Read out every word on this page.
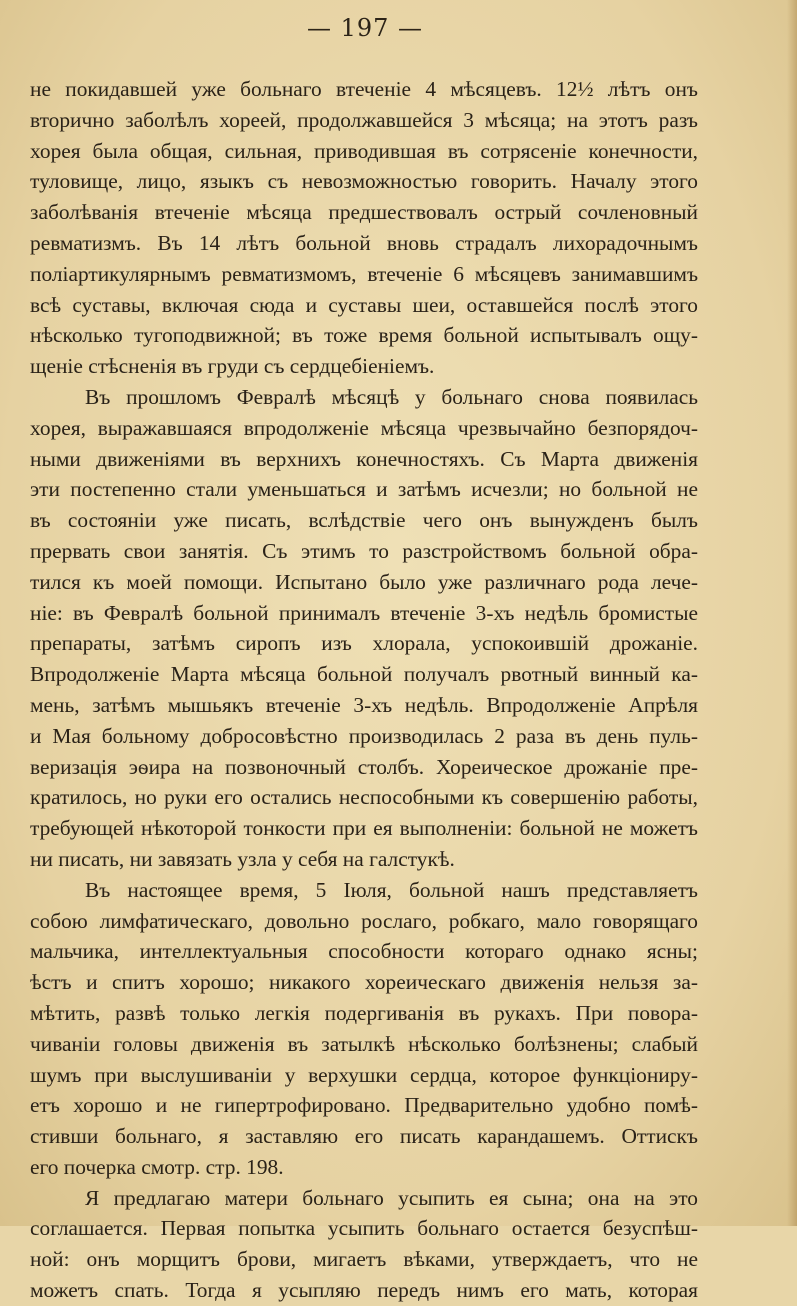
— 197 —
не покидавшей уже больнаго втеченіе 4 мѣсяцевъ. 12½ лѣтъ онъ
вторично заболѣлъ хореей, продолжавшейся 3 мѣсяца; на этотъ разъ
хорея была общая, сильная, приводившая въ сотрясеніе конечности,
туловище, лицо, языкъ съ невозможностью говорить. Началу этого
заболѣванія втеченіе мѣсяца предшествовалъ острый сочленовный
ревматизмъ. Въ 14 лѣтъ больной вновь страдалъ лихорадочнымъ
поліартикулярнымъ ревматизмомъ, втеченіе 6 мѣсяцевъ занимавшимъ
всѣ суставы, включая сюда и суставы шеи, оставшейся послѣ этого
нѣсколько тугоподвижной; въ тоже время больной испытывалъ ощу-
щеніе стѣсненія въ груди съ сердцебіеніемъ.
Въ прошломъ Февралѣ мѣсяцѣ у больнаго снова появилась
хорея, выражавшаяся впродолженіе мѣсяца чрезвычайно безпорядоч-
ными движеніями въ верхнихъ конечностяхъ. Съ Марта движенія
эти постепенно стали уменьшаться и затѣмъ исчезли; но больной не
въ состояніи уже писать, вслѣдствіе чего онъ вынужденъ былъ
прервать свои занятія. Съ этимъ то разстройствомъ больной обра-
тился къ моей помощи. Испытано было уже различнаго рода лече-
ніе: въ Февралѣ больной принималъ втеченіе 3-хъ недѣль бромистые
препараты, затѣмъ сиропъ изъ хлорала, успокоившій дрожаніе.
Впродолженіе Марта мѣсяца больной получалъ рвотный винный ка-
мень, затѣмъ мышьякъ втеченіе 3-хъ недѣль. Впродолженіе Апрѣля
и Мая больному добросовѣстно производилась 2 раза въ день пуль-
веризація эѳира на позвоночный столбъ. Хореическое дрожаніе пре-
кратилось, но руки его остались неспособными къ совершенію работы,
требующей нѣкоторой тонкости при ея выполненіи: больной не можетъ
ни писать, ни завязать узла у себя на галстукѣ.
Въ настоящее время, 5 Іюля, больной нашъ представляетъ
собою лимфатическаго, довольно рослаго, робкаго, мало говорящаго
мальчика, интеллектуальныя способности котораго однако ясны;
ѣстъ и спитъ хорошо; никакого хореическаго движенія нельзя за-
мѣтить, развѣ только легкія подергиванія въ рукахъ. При повора-
чиваніи головы движенія въ затылкѣ нѣсколько болѣзнены; слабый
шумъ при выслушиваніи у верхушки сердца, которое функціониру-
етъ хорошо и не гипертрофировано. Предварительно удобно помѣ-
стивши больнаго, я заставляю его писать карандашемъ. Оттискъ
его почерка смотр. стр. 198.
Я предлагаю матери больнаго усыпить ея сына; она на это
соглашается. Первая попытка усыпить больнаго остается безуспѣш-
ной: онъ морщитъ брови, мигаетъ вѣками, утверждаетъ, что не
можетъ спать. Тогда я усыпляю передъ нимъ его мать, которая
